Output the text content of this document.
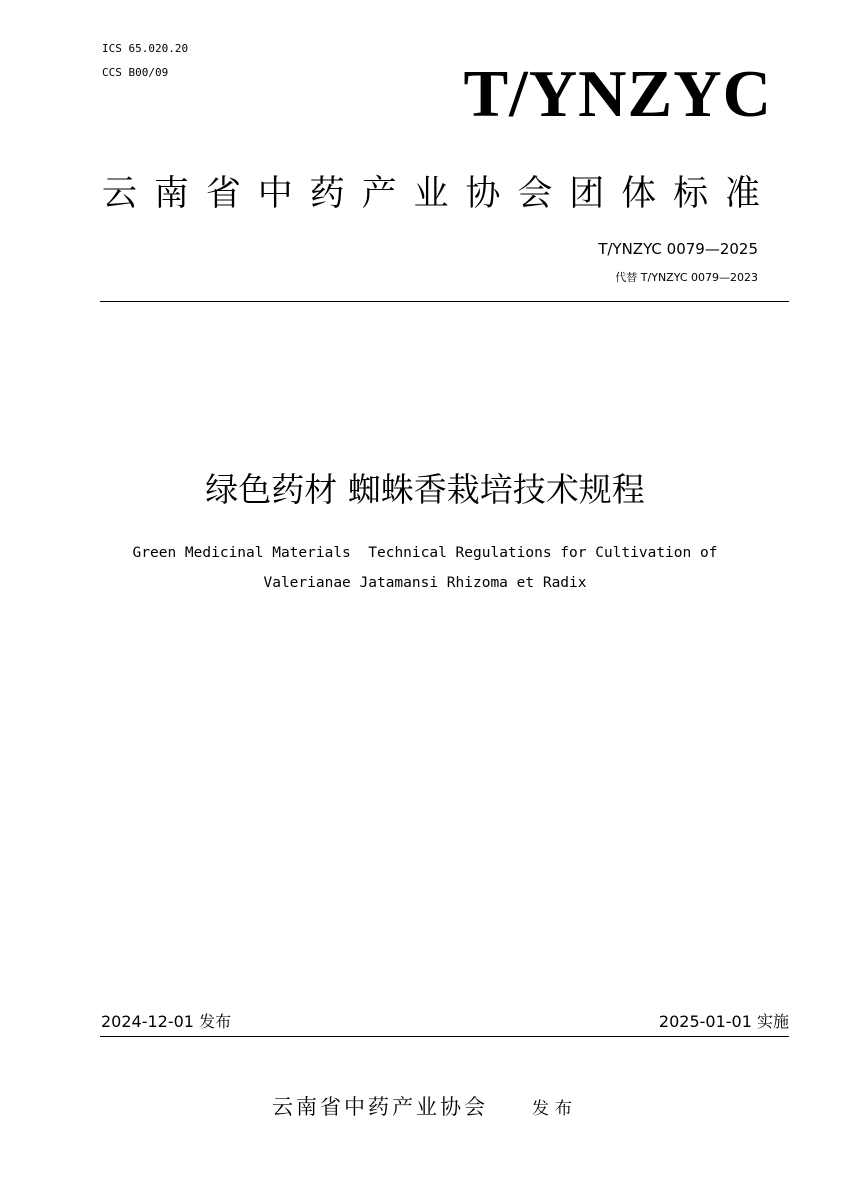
ICS 65.020.20
CCS B00/09	T/YNZYC
云南省中药产业协会团体标准
T/YNZYC 0079—2025
代替 T/YNZYC 0079—2023
绿色药材 蜘蛛香栽培技术规程
Green Medicinal Materials  Technical Regulations for Cultivation of
Valerianae Jatamansi Rhizoma et Radix
2024-12-01 发布	2025-01-01 实施
云南省中药产业协会	发布
